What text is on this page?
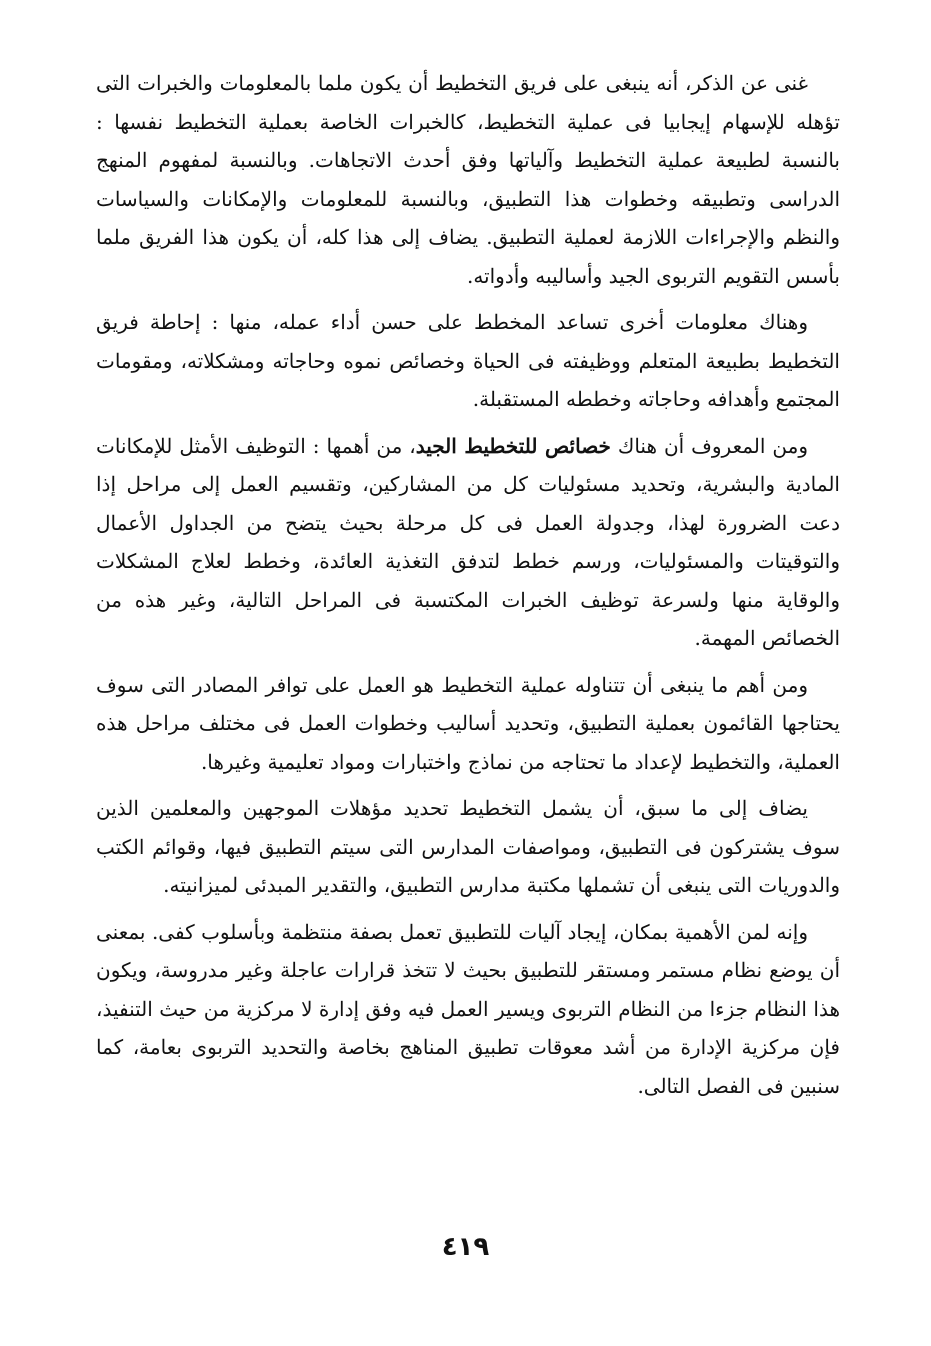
غنى عن الذكر، أنه ينبغى على فريق التخطيط أن يكون ملما بالمعلومات والخبرات التى تؤهله للإسهام إيجابيا فى عملية التخطيط، كالخبرات الخاصة بعملية التخطيط نفسها : بالنسبة لطبيعة عملية التخطيط وآلياتها وفق أحدث الاتجاهات. وبالنسبة لمفهوم المنهج الدراسى وتطبيقه وخطوات هذا التطبيق، وبالنسبة للمعلومات والإمكانات والسياسات والنظم والإجراءات اللازمة لعملية التطبيق. يضاف إلى هذا كله، أن يكون هذا الفريق ملما بأسس التقويم التربوى الجيد وأساليبه وأدواته.

وهناك معلومات أخرى تساعد المخطط على حسن أداء عمله، منها : إحاطة فريق التخطيط بطبيعة المتعلم ووظيفته فى الحياة وخصائص نموه وحاجاته ومشكلاته، ومقومات المجتمع وأهدافه وحاجاته وخططه المستقبلة.

ومن المعروف أن هناك خصائص للتخطيط الجيد، من أهمها : التوظيف الأمثل للإمكانات المادية والبشرية، وتحديد مسئوليات كل من المشاركين، وتقسيم العمل إلى مراحل إذا دعت الضرورة لهذا، وجدولة العمل فى كل مرحلة بحيث يتضح من الجداول الأعمال والتوقيتات والمسئوليات، ورسم خطط لتدفق التغذية العائدة، وخطط لعلاج المشكلات والوقاية منها ولسرعة توظيف الخبرات المكتسبة فى المراحل التالية، وغير هذه من الخصائص المهمة.

ومن أهم ما ينبغى أن تتناوله عملية التخطيط هو العمل على توافر المصادر التى سوف يحتاجها القائمون بعملية التطبيق، وتحديد أساليب وخطوات العمل فى مختلف مراحل هذه العملية، والتخطيط لإعداد ما تحتاجه من نماذج واختبارات ومواد تعليمية وغيرها.

يضاف إلى ما سبق، أن يشمل التخطيط تحديد مؤهلات الموجهين والمعلمين الذين سوف يشتركون فى التطبيق، ومواصفات المدارس التى سيتم التطبيق فيها، وقوائم الكتب والدوريات التى ينبغى أن تشملها مكتبة مدارس التطبيق، والتقدير المبدئى لميزانيته.

وإنه لمن الأهمية بمكان، إيجاد آليات للتطبيق تعمل بصفة منتظمة وبأسلوب كفى. بمعنى أن يوضع نظام مستمر ومستقر للتطبيق بحيث لا تتخذ قرارات عاجلة وغير مدروسة، ويكون هذا النظام جزءا من النظام التربوى ويسير العمل فيه وفق إدارة لا مركزية من حيث التنفيذ، فإن مركزية الإدارة من أشد معوقات تطبيق المناهج بخاصة والتحديد التربوى بعامة، كما سنبين فى الفصل التالى.

٤١٩
